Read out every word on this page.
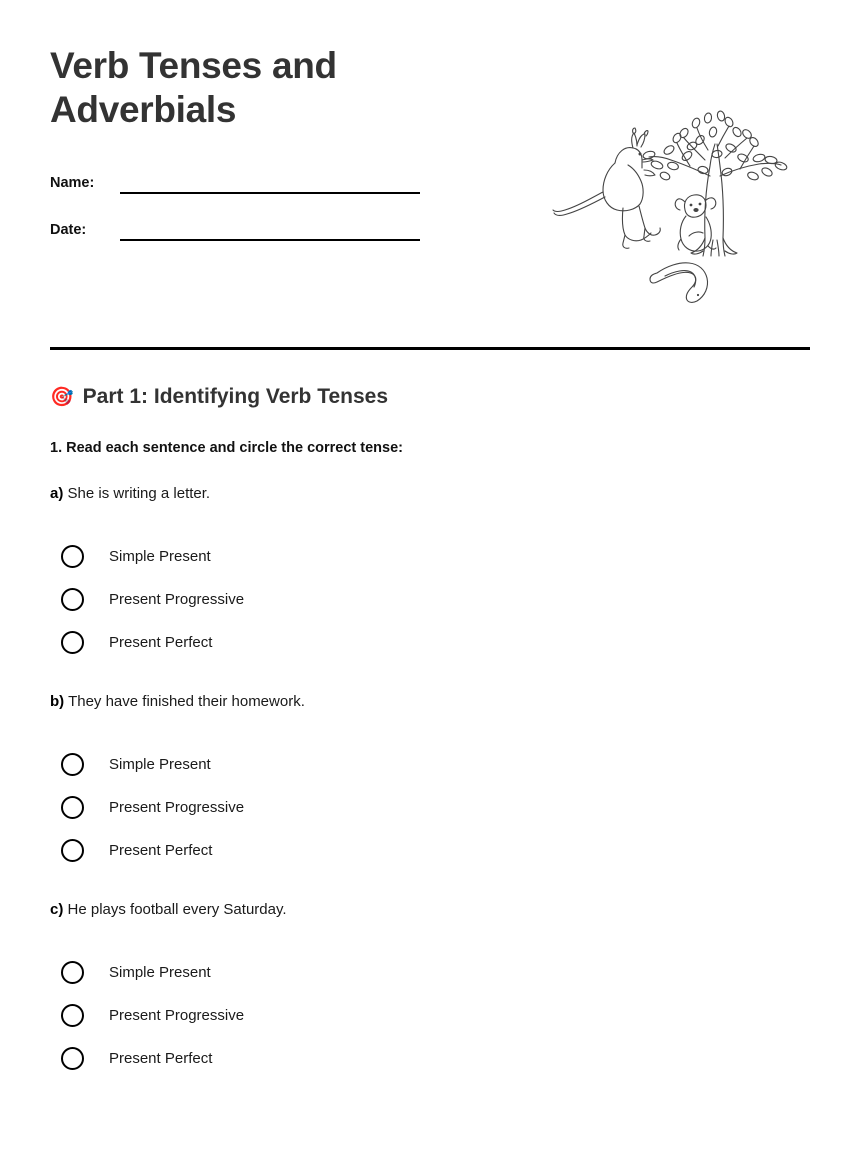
Verb Tenses and Adverbials
Name:
Date:
🎯 Part 1: Identifying Verb Tenses
1. Read each sentence and circle the correct tense:
a) She is writing a letter.
Simple Present
Present Progressive
Present Perfect
b) They have finished their homework.
Simple Present
Present Progressive
Present Perfect
c) He plays football every Saturday.
Simple Present
Present Progressive
Present Perfect
